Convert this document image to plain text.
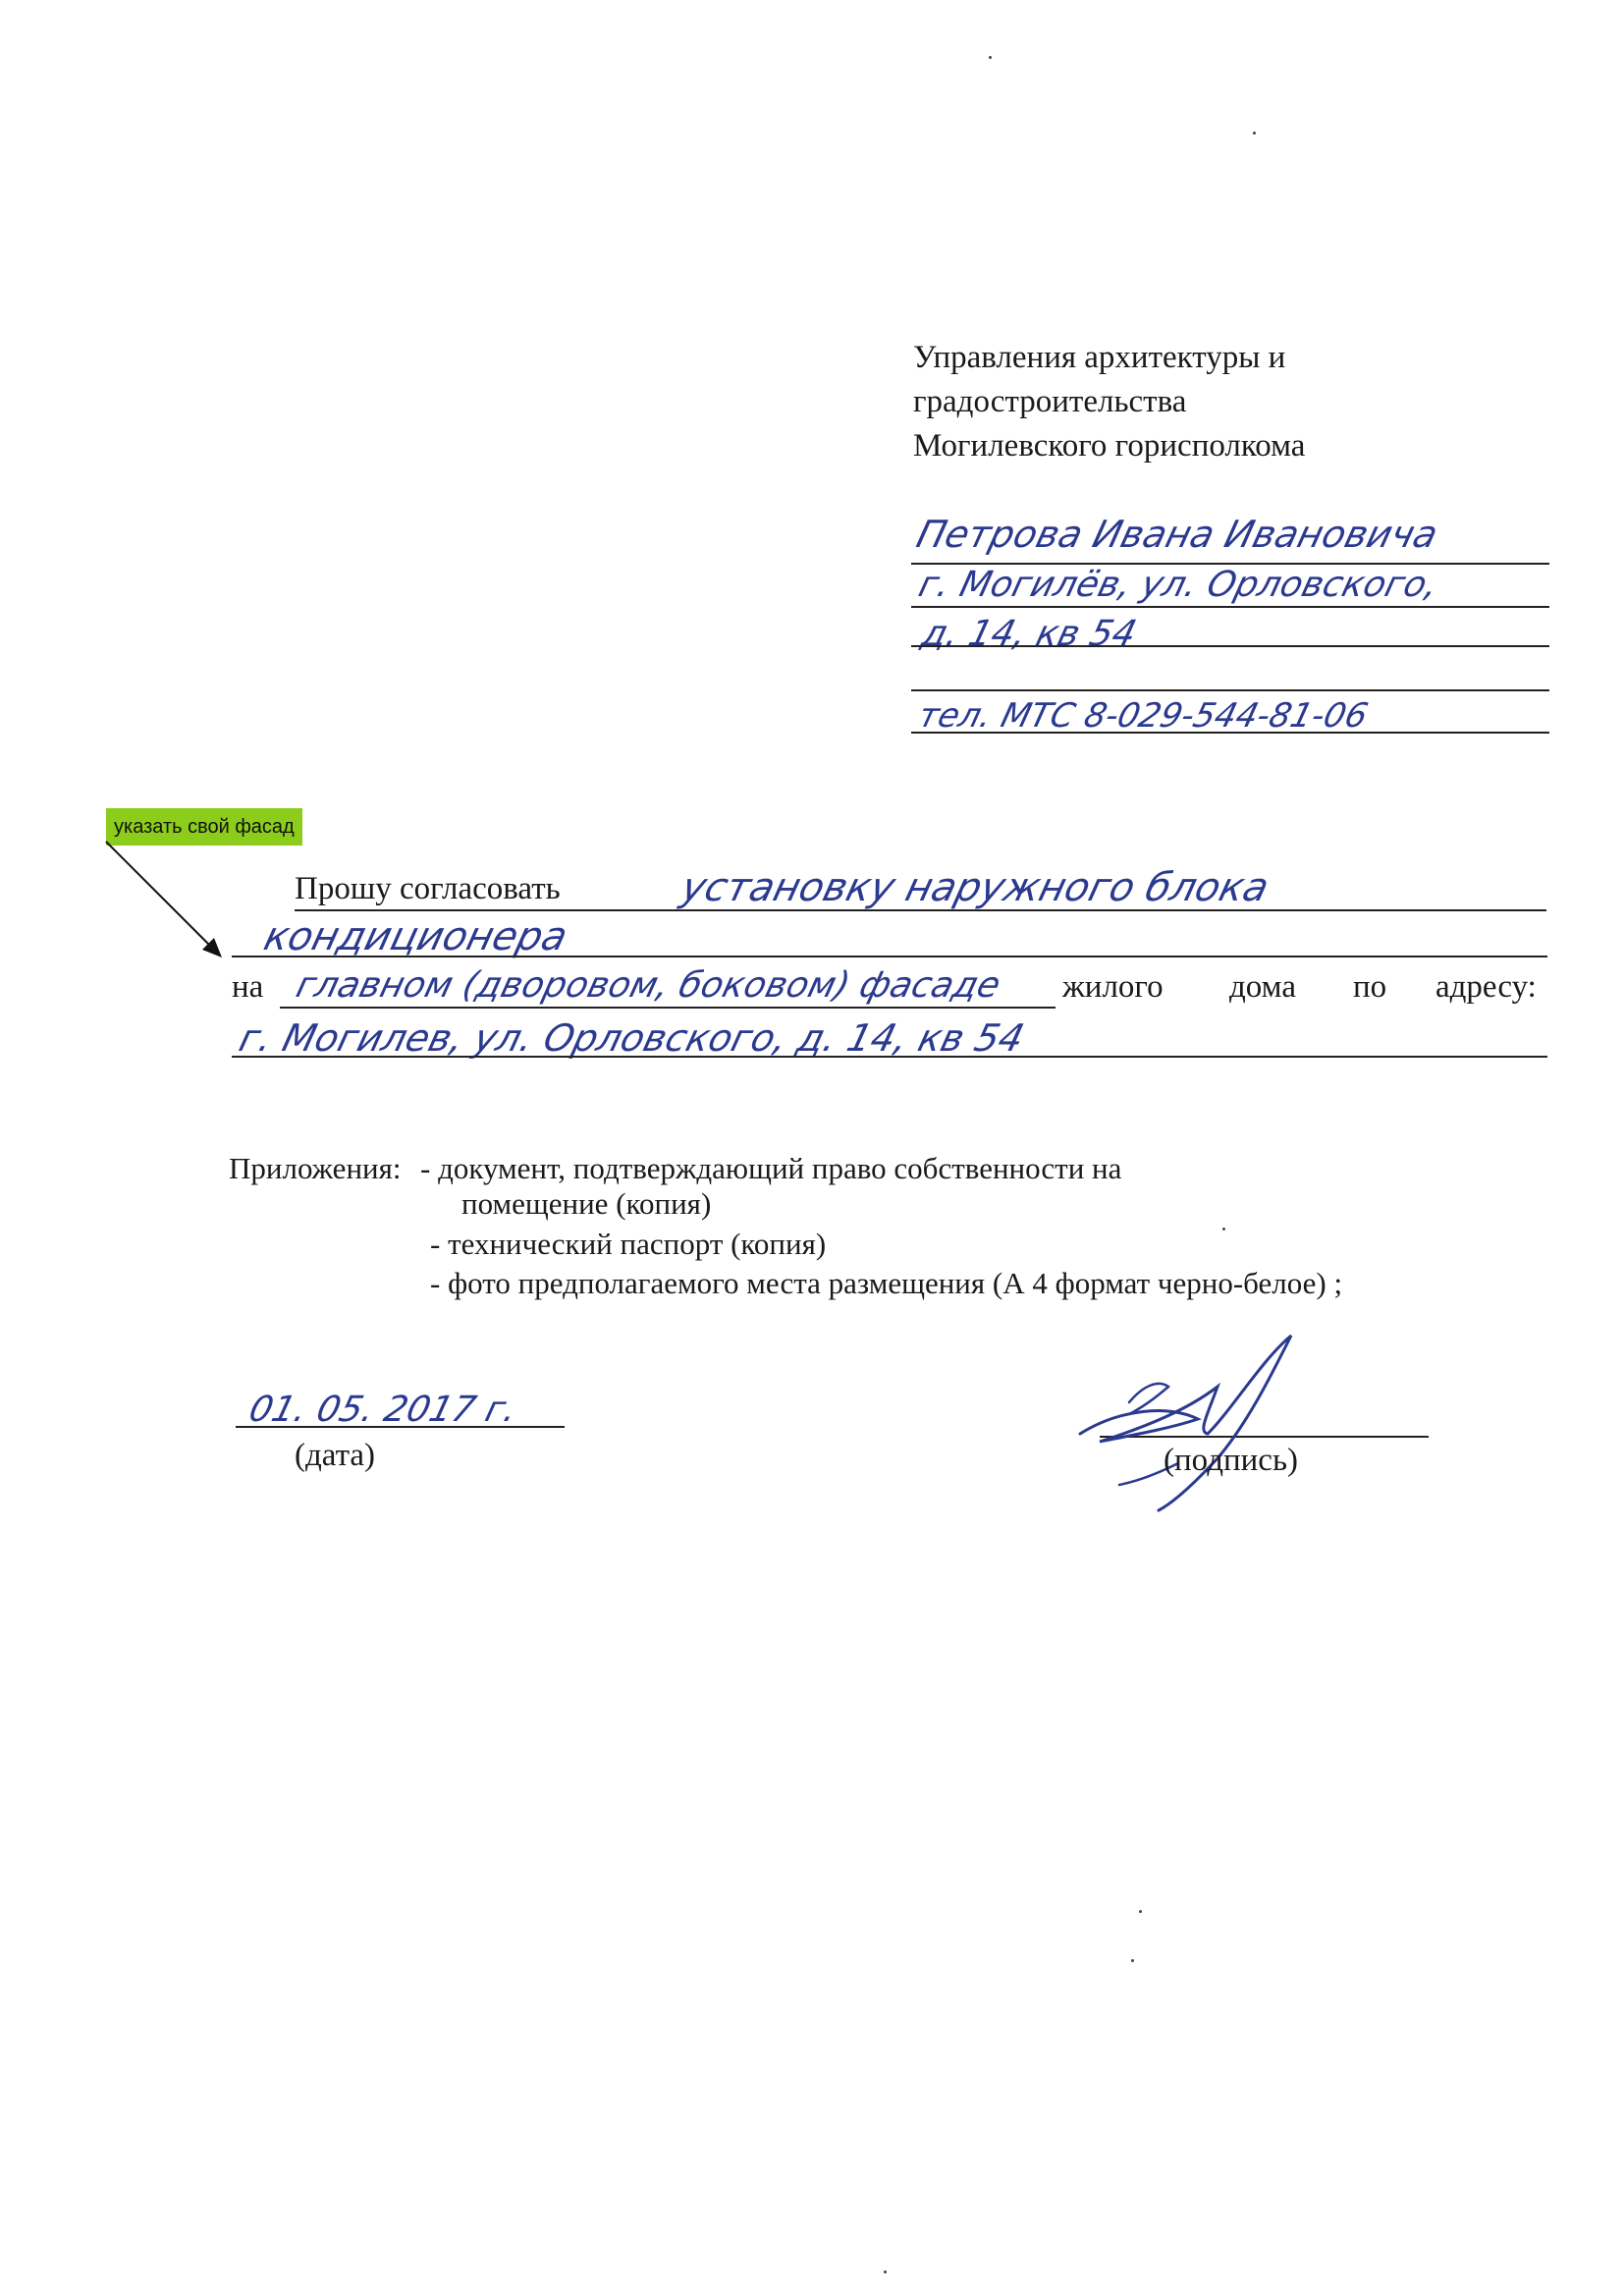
Управления архитектуры и
градостроительства
Могилевского горисполкома
Петрова Ивана Ивановича
г. Могилёв, ул. Орловского,
д. 14, кв 54
тел. МТС 8-029-544-81-06
указать свой фасад
Прошу согласовать	установку наружного блока
кондиционера
на главном (дворовом, боковом) фасаде жилого дома по адресу:
г. Могилев, ул. Орловского, д. 14, кв 54
Приложения: - документ, подтверждающий право собственности на
помещение (копия)
- технический паспорт (копия)
- фото предполагаемого места размещения (А 4 формат черно-белое) ;
01. 05. 2017 г.
(дата)	(подпись)
